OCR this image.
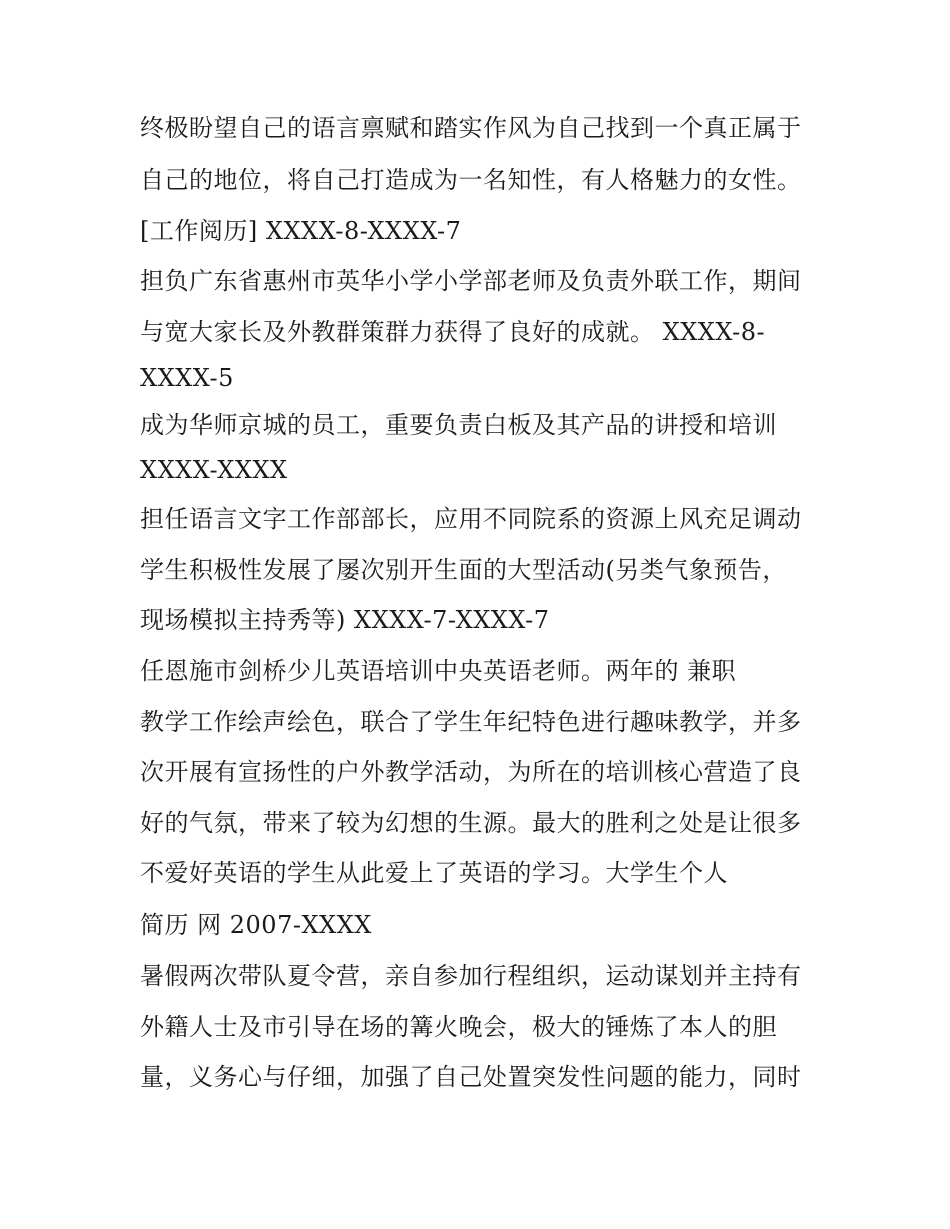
终极盼望自己的语言禀赋和踏实作风为自己找到一个真正属于
自己的地位，将自己打造成为一名知性，有人格魅力的女性。
[工作阅历] XXXX-8-XXXX-7
担负广东省惠州市英华小学小学部老师及负责外联工作，期间
与宽大家长及外教群策群力获得了良好的成就。 XXXX-8-
XXXX-5
成为华师京城的员工，重要负责白板及其产品的讲授和培训
XXXX-XXXX
担任语言文字工作部部长，应用不同院系的资源上风充足调动
学生积极性发展了屡次别开生面的大型活动(另类气象预告，
现场模拟主持秀等) XXXX-7-XXXX-7
任恩施市剑桥少儿英语培训中央英语老师。两年的 兼职
教学工作绘声绘色，联合了学生年纪特色进行趣味教学，并多
次开展有宣扬性的户外教学活动，为所在的培训核心营造了良
好的气氛，带来了较为幻想的生源。最大的胜利之处是让很多
不爱好英语的学生从此爱上了英语的学习。大学生个人
简历 网 2007-XXXX
暑假两次带队夏令营，亲自参加行程组织，运动谋划并主持有
外籍人士及市引导在场的篝火晚会，极大的锤炼了本人的胆
量，义务心与仔细，加强了自己处置突发性问题的能力，同时
